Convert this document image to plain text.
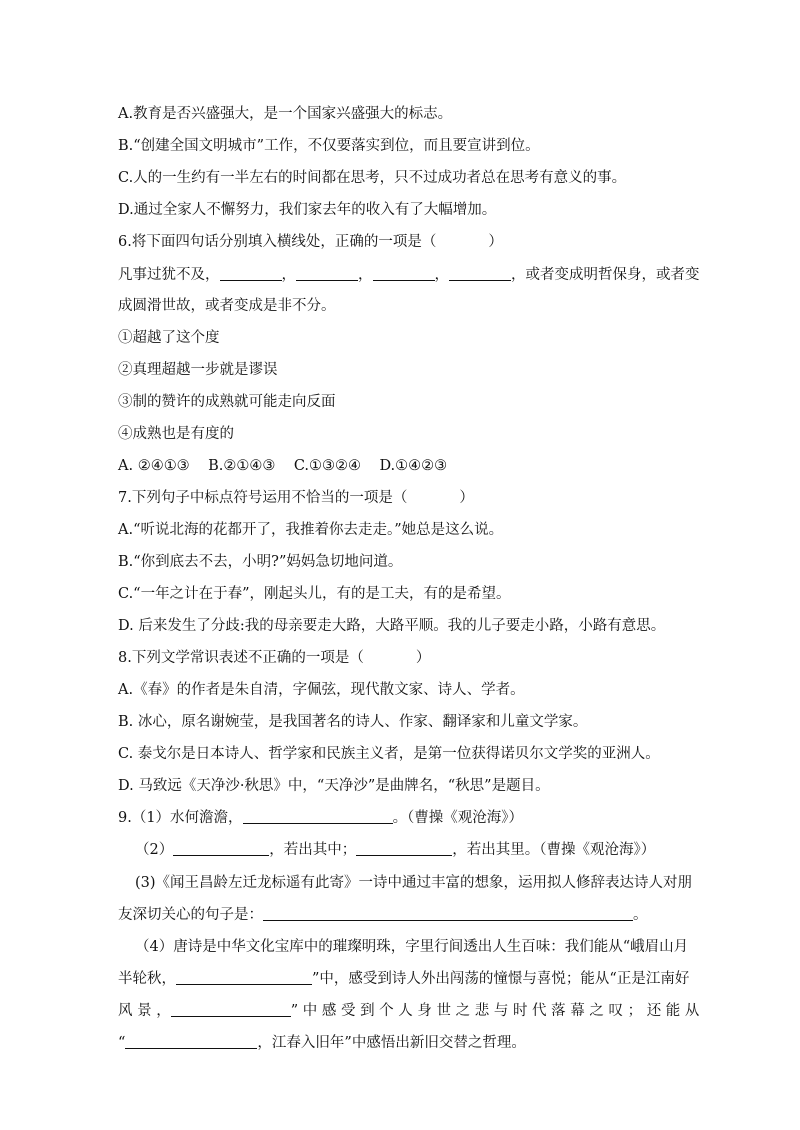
A.教育是否兴盛强大，是一个国家兴盛强大的标志。

B.“创建全国文明城市”工作，不仅要落实到位，而且要宣讲到位。

C.人的一生约有一半左右的时间都在思考，只不过成功者总在思考有意义的事。

D.通过全家人不懈努力，我们家去年的收入有了大幅增加。

6.将下面四句话分别填入横线处，正确的一项是（	）

凡事过犹不及，	，	，	，	，或者变成明哲保身，或者变

成圆滑世故，或者变成是非不分。

①超越了这个度

②真理超越一步就是谬误

③制的赞许的成熟就可能走向反面

④成熟也是有度的

A. ②④①③    B.②①④③    C.①③②④    D.①④②③

7.下列句子中标点符号运用不恰当的一项是（	）

A.“听说北海的花都开了，我推着你去走走。”她总是这么说。

B.“你到底去不去，小明?”妈妈急切地问道。

C.“一年之计在于春”，刚起头儿，有的是工夫，有的是希望。

D. 后来发生了分歧:我的母亲要走大路，大路平顺。我的儿子要走小路，小路有意思。

8.下列文学常识表述不正确的一项是（	）

A.《春》的作者是朱自清，字佩弦，现代散文家、诗人、学者。

B. 冰心，原名谢婉莹，是我国著名的诗人、作家、翻译家和儿童文学家。

C. 泰戈尔是日本诗人、哲学家和民族主义者，是第一位获得诺贝尔文学奖的亚洲人。

D. 马致远《天净沙·秋思》中，“天净沙”是曲牌名，“秋思”是题目。

9.（1）水何澹澹，	。（曹操《观沧海》）

（2）	，若出其中；	，若出其里。（曹操《观沧海》）

(3)《闻王昌龄左迁龙标遥有此寄》一诗中通过丰富的想象，运用拟人修辞表达诗人对朋

友深切关心的句子是：	。

（4）唐诗是中华文化宝库中的璀璨明珠，字里行间透出人生百味：我们能从“峨眉山月

半轮秋，	”中，感受到诗人外出闯荡的憧憬与喜悦；能从“正是江南好

风 景 ，	” 中 感 受 到 个 人 身 世 之 悲 与 时 代 落 幕 之 叹 ； 还 能 从

“	，江春入旧年”中感悟出新旧交替之哲理。
